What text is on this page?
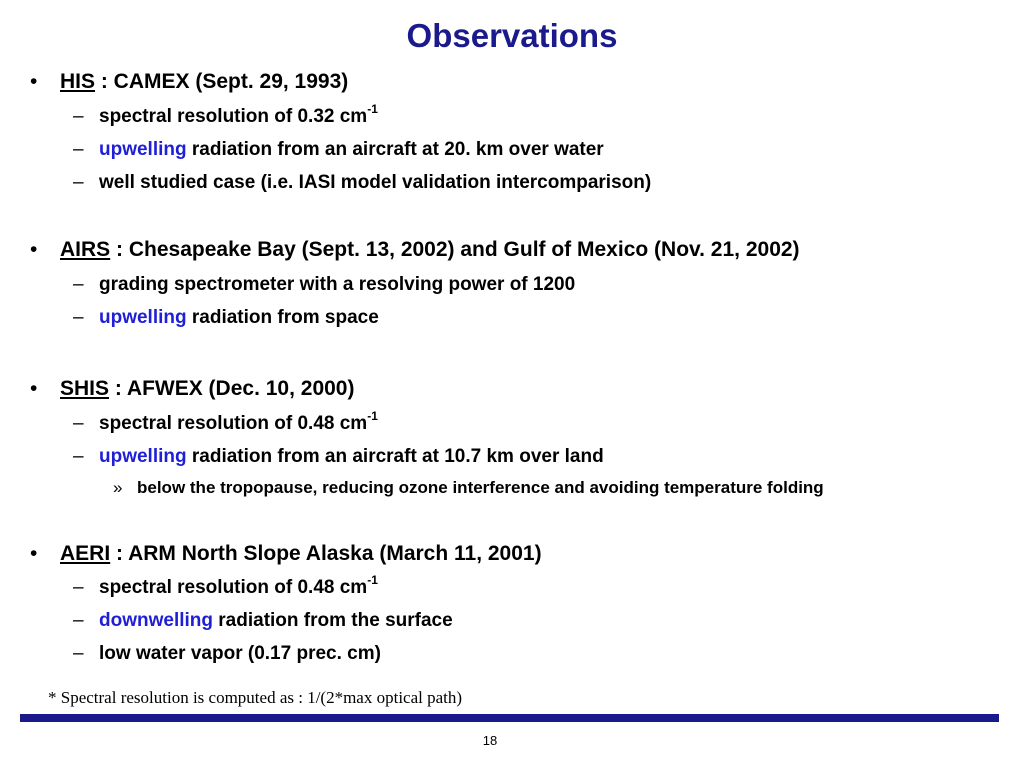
Observations
• HIS : CAMEX (Sept. 29, 1993)
– spectral resolution of 0.32 $cm^{-1}$
– upwelling radiation from an aircraft at 20. km over water
– well studied case (i.e. IASI model validation intercomparison)
• AIRS : Chesapeake Bay (Sept. 13, 2002) and Gulf of Mexico (Nov. 21, 2002)
– grading spectrometer with a resolving power of 1200
– upwelling radiation from space
• SHIS : AFWEX (Dec. 10, 2000)
– spectral resolution of 0.48 $cm^{-1}$
– upwelling radiation from an aircraft at 10.7 km over land
» below the tropopause, reducing ozone interference and avoiding temperature folding
• AERI : ARM North Slope Alaska (March 11, 2001)
– spectral resolution of 0.48 $cm^{-1}$
– downwelling radiation from the surface
– low water vapor (0.17 prec. cm)
* Spectral resolution is computed as : 1/(2*max optical path)
18
